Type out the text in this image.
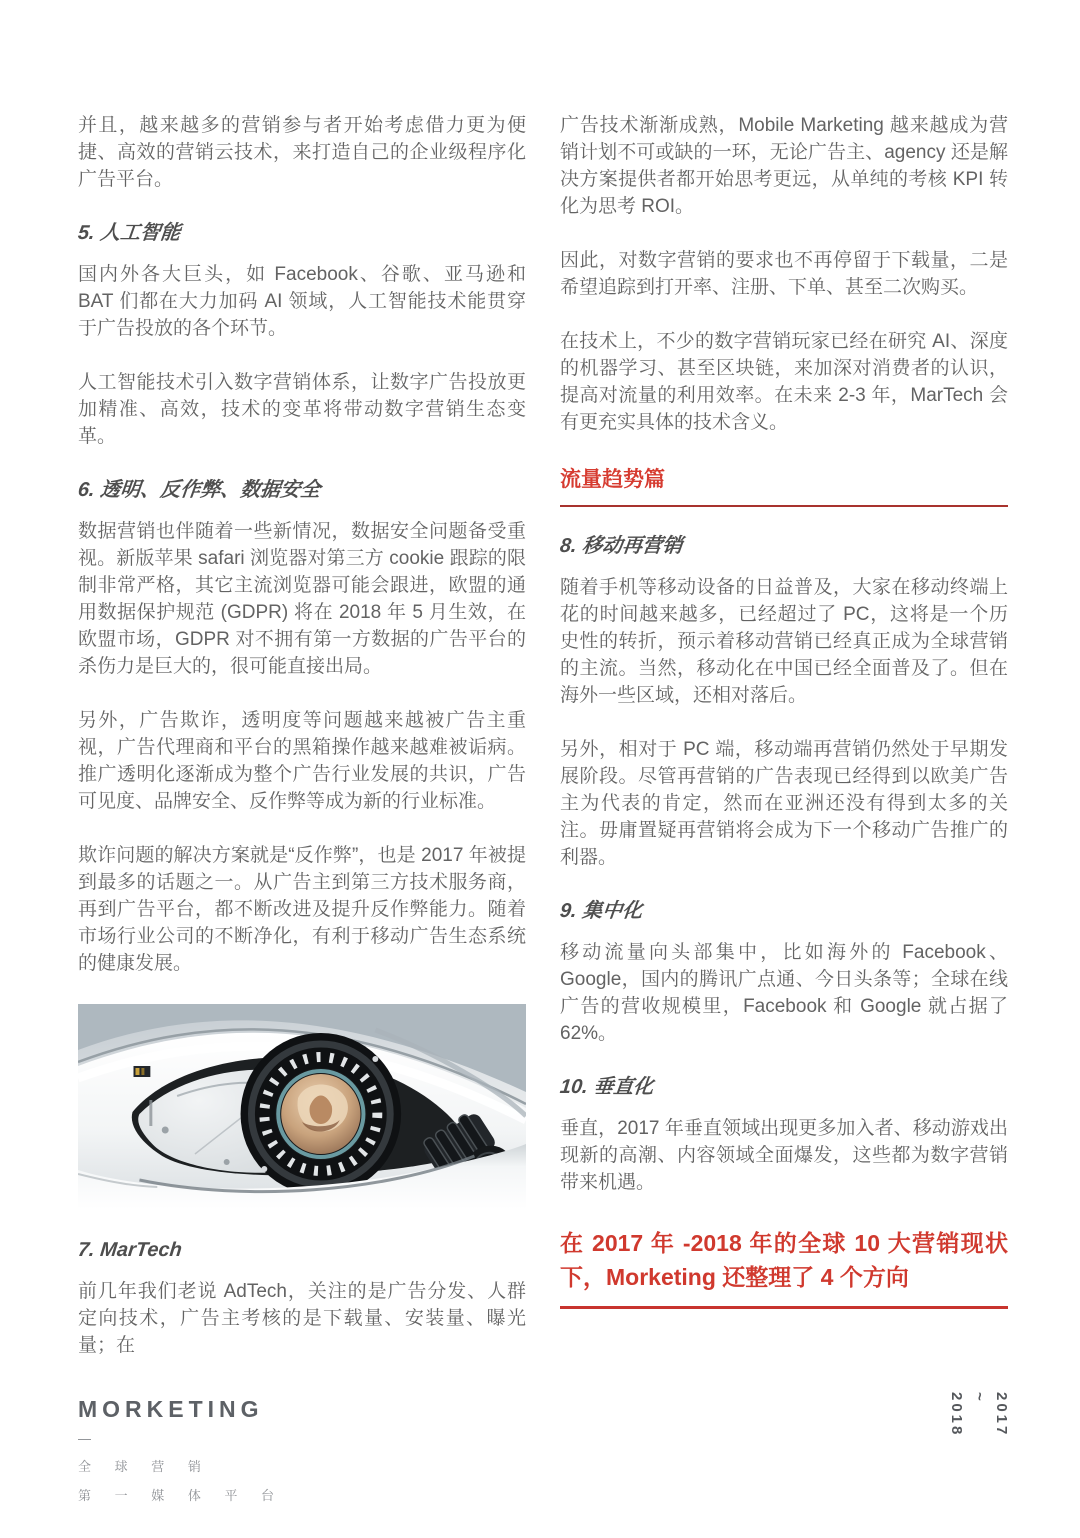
并且，越来越多的营销参与者开始考虑借力更为便捷、高效的营销云技术，来打造自己的企业级程序化广告平台。

5. 人工智能

国内外各大巨头，如 Facebook、谷歌、亚马逊和 BAT 们都在大力加码 AI 领域，人工智能技术能贯穿于广告投放的各个环节。

人工智能技术引入数字营销体系，让数字广告投放更加精准、高效，技术的变革将带动数字营销生态变革。

6. 透明、反作弊、数据安全

数据营销也伴随着一些新情况，数据安全问题备受重视。新版苹果 safari 浏览器对第三方 cookie 跟踪的限制非常严格，其它主流浏览器可能会跟进，欧盟的通用数据保护规范 (GDPR) 将在 2018 年 5 月生效，在欧盟市场，GDPR 对不拥有第一方数据的广告平台的杀伤力是巨大的，很可能直接出局。

另外，广告欺诈，透明度等问题越来越被广告主重视，广告代理商和平台的黑箱操作越来越难被诟病。推广透明化逐渐成为整个广告行业发展的共识，广告可见度、品牌安全、反作弊等成为新的行业标准。

欺诈问题的解决方案就是“反作弊”，也是 2017 年被提到最多的话题之一。从广告主到第三方技术服务商，再到广告平台，都不断改进及提升反作弊能力。随着市场行业公司的不断净化，有利于移动广告生态系统的健康发展。

7. MarTech

前几年我们老说 AdTech，关注的是广告分发、人群定向技术，广告主考核的是下载量、安装量、曝光量；在

广告技术渐渐成熟，Mobile Marketing 越来越成为营销计划不可或缺的一环，无论广告主、agency 还是解决方案提供者都开始思考更远，从单纯的考核 KPI 转化为思考 ROI。

因此，对数字营销的要求也不再停留于下载量，二是希望追踪到打开率、注册、下单、甚至二次购买。

在技术上，不少的数字营销玩家已经在研究 AI、深度的机器学习、甚至区块链，来加深对消费者的认识，提高对流量的利用效率。在未来 2-3 年，MarTech 会有更充实具体的技术含义。

流量趋势篇
8. 移动再营销

随着手机等移动设备的日益普及，大家在移动终端上花的时间越来越多，已经超过了 PC，这将是一个历史性的转折，预示着移动营销已经真正成为全球营销的主流。当然，移动化在中国已经全面普及了。但在海外一些区域，还相对落后。

另外，相对于 PC 端，移动端再营销仍然处于早期发展阶段。尽管再营销的广告表现已经得到以欧美广告主为代表的肯定，然而在亚洲还没有得到太多的关注。毋庸置疑再营销将会成为下一个移动广告推广的利器。

9. 集中化

移动流量向头部集中，比如海外的 Facebook、Google，国内的腾讯广点通、今日头条等；全球在线广告的营收规模里，Facebook 和 Google 就占据了62%。

10. 垂直化

垂直，2017 年垂直领域出现更多加入者、移动游戏出现新的高潮、内容领域全面爆发，这些都为数字营销带来机遇。

在 2017 年 -2018 年的全球 10 大营销现状下，Morketing 还整理了 4 个方向
MORKETING
—
全 球 营 销
第 一 媒 体 平 台
2017
~
2018
